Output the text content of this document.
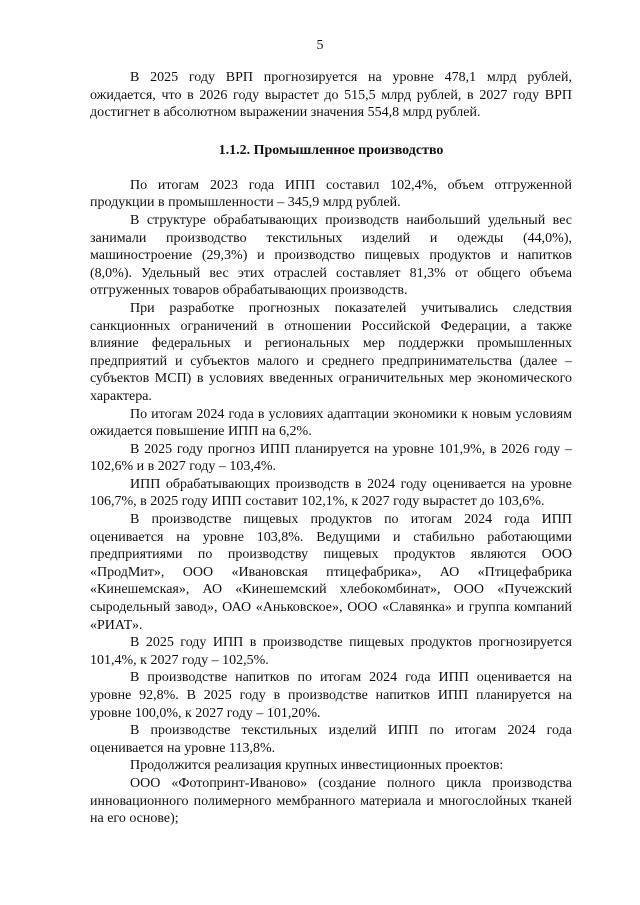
5

В 2025 году ВРП прогнозируется на уровне 478,1 млрд рублей, ожидается, что в 2026 году вырастет до 515,5 млрд рублей, в 2027 году ВРП достигнет в абсолютном выражении значения 554,8 млрд рублей.

1.1.2. Промышленное производство

По итогам 2023 года ИПП составил 102,4%, объем отгруженной продукции в промышленности – 345,9 млрд рублей.

В структуре обрабатывающих производств наибольший удельный вес занимали производство текстильных изделий и одежды (44,0%), машиностроение (29,3%) и производство пищевых продуктов и напитков (8,0%). Удельный вес этих отраслей составляет 81,3% от общего объема отгруженных товаров обрабатывающих производств.

При разработке прогнозных показателей учитывались следствия санкционных ограничений в отношении Российской Федерации, а также влияние федеральных и региональных мер поддержки промышленных предприятий и субъектов малого и среднего предпринимательства (далее – субъектов МСП) в условиях введенных ограничительных мер экономического характера.

По итогам 2024 года в условиях адаптации экономики к новым условиям ожидается повышение ИПП на 6,2%.

В 2025 году прогноз ИПП планируется на уровне 101,9%, в 2026 году – 102,6% и в 2027 году – 103,4%.

ИПП обрабатывающих производств в 2024 году оценивается на уровне 106,7%, в 2025 году ИПП составит 102,1%, к 2027 году вырастет до 103,6%.

В производстве пищевых продуктов по итогам 2024 года ИПП оценивается на уровне 103,8%. Ведущими и стабильно работающими предприятиями по производству пищевых продуктов являются ООО «ПродМит», ООО «Ивановская птицефабрика», АО «Птицефабрика «Кинешемская», АО «Кинешемский хлебокомбинат», ООО «Пучежский сыродельный завод», ОАО «Аньковское», ООО «Славянка» и группа компаний «РИАТ».

В 2025 году ИПП в производстве пищевых продуктов прогнозируется 101,4%, к 2027 году – 102,5%.

В производстве напитков по итогам 2024 года ИПП оценивается на уровне 92,8%. В 2025 году в производстве напитков ИПП планируется на уровне 100,0%, к 2027 году – 101,20%.

В производстве текстильных изделий ИПП по итогам 2024 года оценивается на уровне 113,8%.

Продолжится реализация крупных инвестиционных проектов:

ООО «Фотопринт-Иваново» (создание полного цикла производства инновационного полимерного мембранного материала и многослойных тканей на его основе);
